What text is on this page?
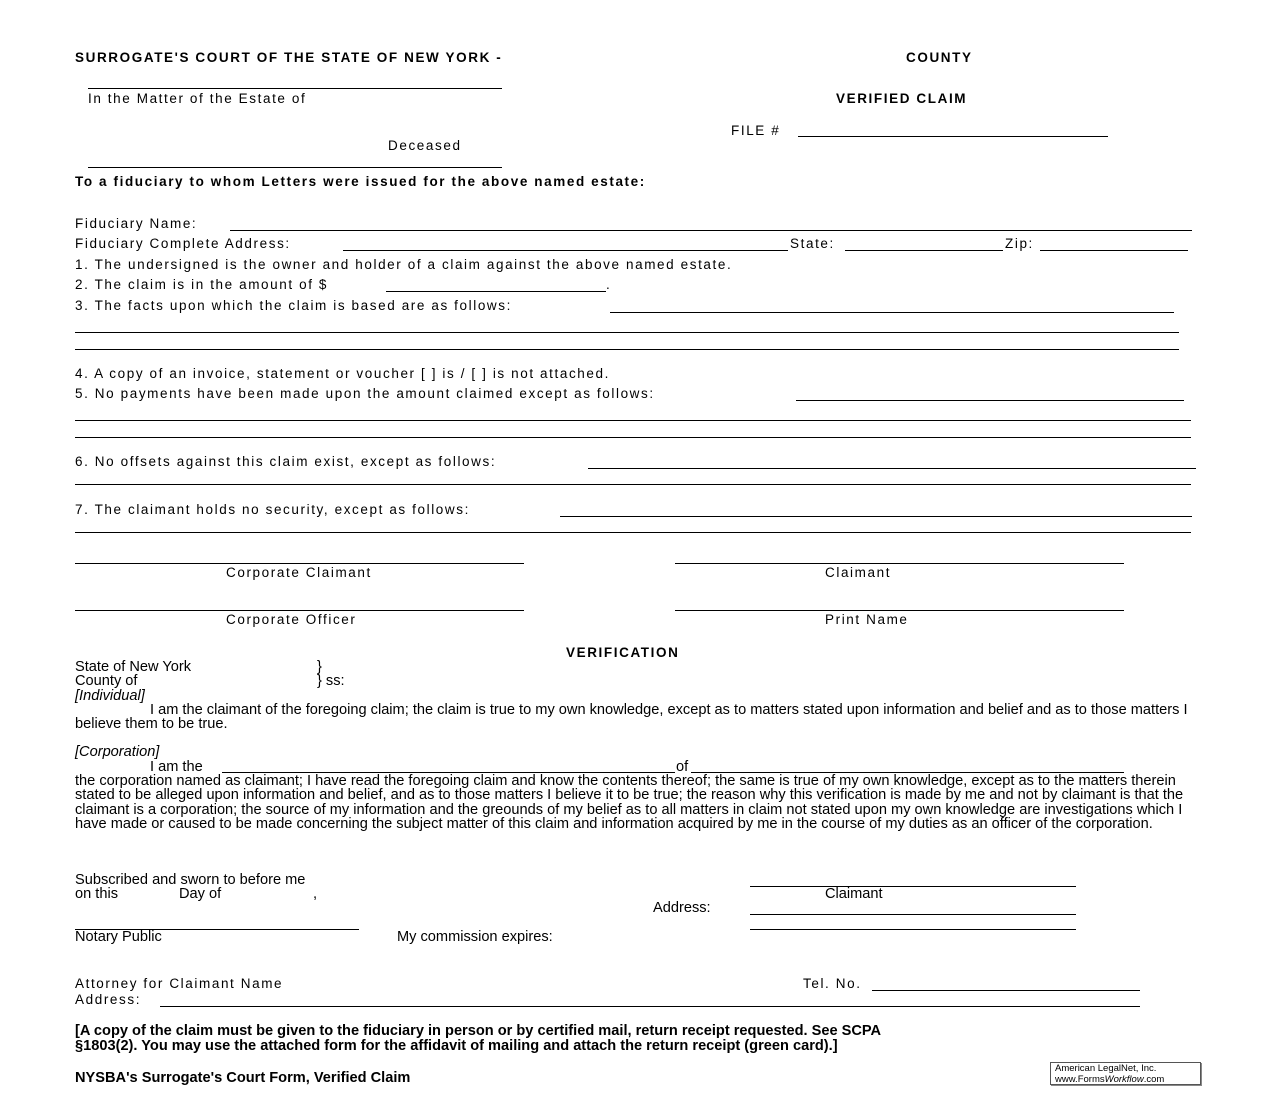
SURROGATE'S COURT OF THE STATE OF NEW YORK -	COUNTY
In the Matter of the Estate of	VERIFIED CLAIM
FILE #
Deceased
To a fiduciary to whom Letters were issued for the above named estate:
Fiduciary Name:
Fiduciary Complete Address:	State:	Zip:
1. The undersigned is the owner and holder of a claim against the above named estate.
2. The claim is in the amount of $	.
3. The facts upon which the claim is based are as follows:
4. A copy of an invoice, statement or voucher [ ] is / [ ] is not attached.
5. No payments have been made upon the amount claimed except as follows:
6. No offsets against this claim exist, except as follows:
7. The claimant holds no security, except as follows:
Corporate Claimant	Claimant
Corporate Officer	Print Name
VERIFICATION
State of New York	}
County of	} ss:
[Individual]
I am the claimant of the foregoing claim; the claim is true to my own knowledge, except as to matters stated upon information and belief and as to those matters I believe them to be true.
[Corporation]
I am the	of
the corporation named as claimant; I have read the foregoing claim and know the contents thereof; the same is true of my own knowledge, except as to the matters therein stated to be alleged upon information and belief, and as to those matters I believe it to be true; the reason why this verification is made by me and not by claimant is that the claimant is a corporation; the source of my information and the greounds of my belief as to all matters in claim not stated upon my own knowledge are investigations which I have made or caused to be made concerning the subject matter of this claim and information acquired by me in the course of my duties as an officer of the corporation.
Subscribed and sworn to before me
on this	Day of	,	Claimant
Address:
Notary Public	My commission expires:
Attorney for Claimant Name	Tel. No.
Address:
[A copy of the claim must be given to the fiduciary in person or by certified mail, return receipt requested. See SCPA
§1803(2). You may use the attached form for the affidavit of mailing and attach the return receipt (green card).]
NYSBA's Surrogate's Court Form, Verified Claim
American LegalNet, Inc.
www.FormsWorkflow.com
